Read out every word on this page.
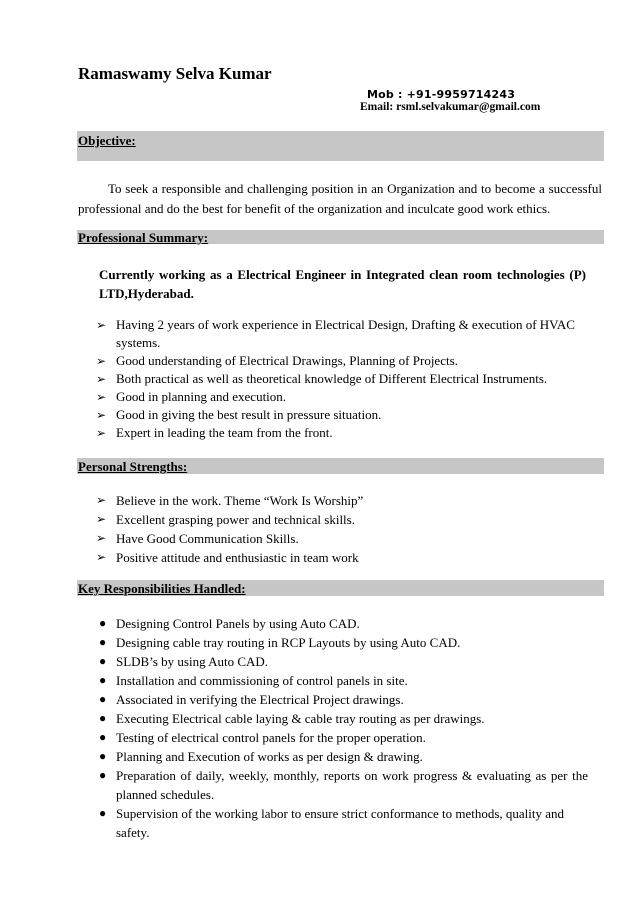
Ramaswamy Selva Kumar
Mob : +91-9959714243
Email: rsml.selvakumar@gmail.com
Objective:
To seek a responsible and challenging position in an Organization and to become a successful professional and do the best for benefit of the organization and inculcate good work ethics.
Professional Summary:
Currently working as a Electrical Engineer in Integrated clean room technologies (P) LTD,Hyderabad.
➢ Having 2 years of work experience in Electrical Design, Drafting & execution of HVAC systems.
➢ Good understanding of Electrical Drawings, Planning of Projects.
➢ Both practical as well as theoretical knowledge of Different Electrical Instruments.
➢ Good in planning and execution.
➢ Good in giving the best result in pressure situation.
➢ Expert in leading the team from the front.
Personal Strengths:
➢ Believe in the work. Theme “Work Is Worship”
➢ Excellent grasping power and technical skills.
➢ Have Good Communication Skills.
➢ Positive attitude and enthusiastic in team work
Key Responsibilities Handled:
● Designing Control Panels by using Auto CAD.
● Designing cable tray routing in RCP Layouts by using Auto CAD.
● SLDB’s by using Auto CAD.
● Installation and commissioning of control panels in site.
● Associated in verifying the Electrical Project drawings.
● Executing Electrical cable laying & cable tray routing as per drawings.
● Testing of electrical control panels for the proper operation.
● Planning and Execution of works as per design & drawing.
● Preparation of daily, weekly, monthly, reports on work progress & evaluating as per the planned schedules.
● Supervision of the working labor to ensure strict conformance to methods, quality and safety.
